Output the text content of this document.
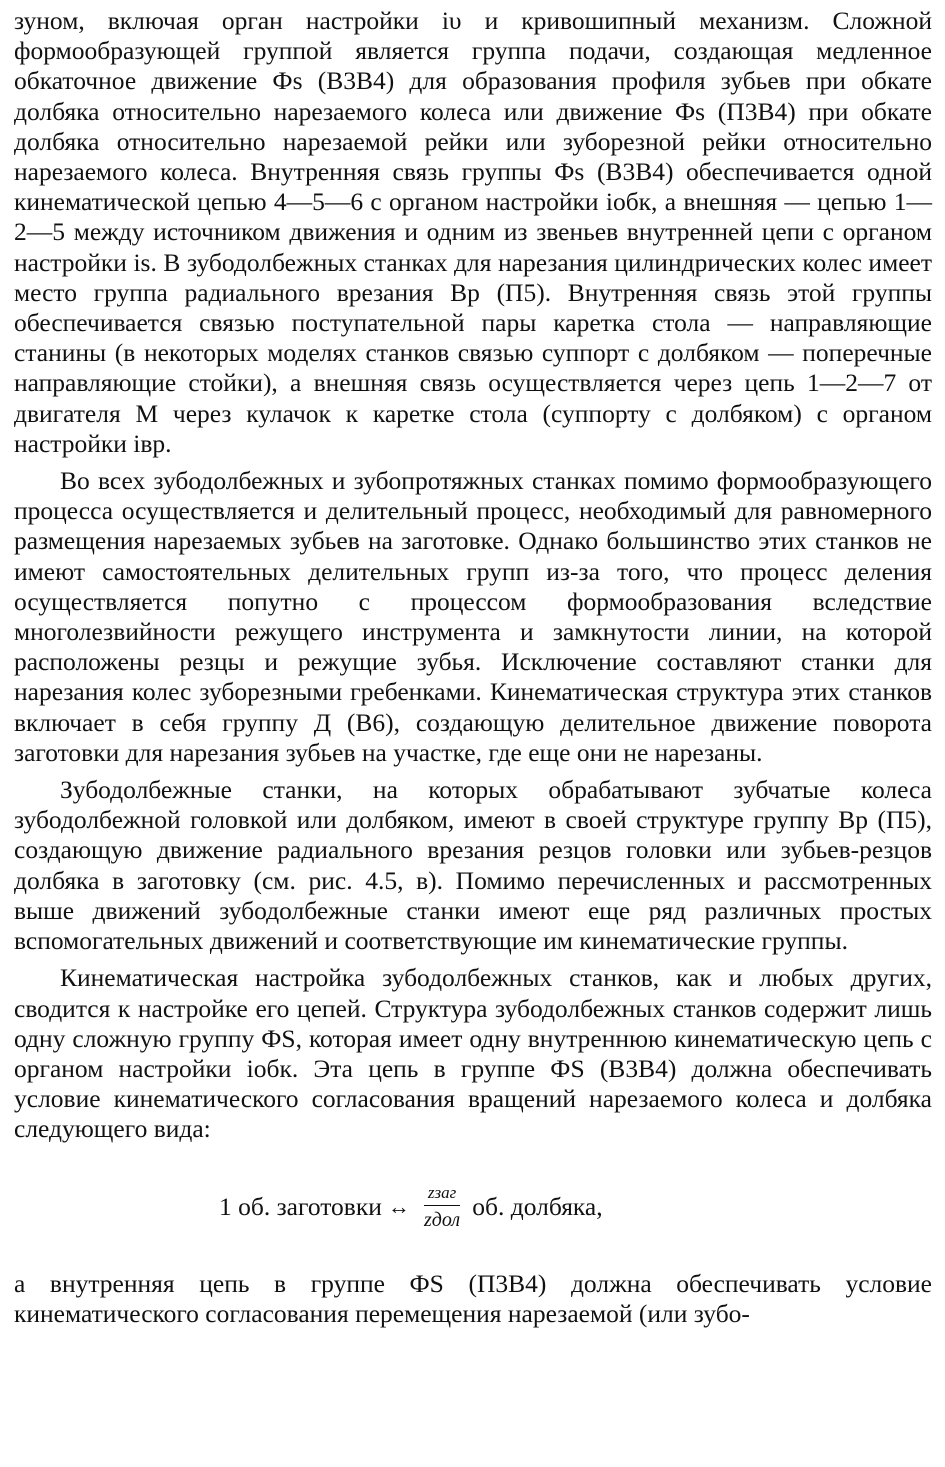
зуном, включая орган настройки iυ и кривошипный механизм. Сложной формообразующей группой является группа подачи, создающая медленное обкаточное движение Фs (В3В4) для образования профиля зубьев при обкате долбяка относительно нарезаемого колеса или движение Фs (П3В4) при обкате долбяка относительно нарезаемой рейки или зуборезной рейки относительно нарезаемого колеса. Внутренняя связь группы Фs (В3В4) обеспечивается одной кинематической цепью 4—5—6 с органом настройки iобк, а внешняя — цепью 1—2—5 между источником движения и одним из звеньев внутренней цепи с органом настройки is. В зубодолбежных станках для нарезания цилиндрических колес имеет место группа радиального врезания Вр (П5). Внутренняя связь этой группы обеспечивается связью поступательной пары каретка стола — направляющие станины (в некоторых моделях станков связью суппорт с долбяком — поперечные направляющие стойки), а внешняя связь осуществляется через цепь 1—2—7 от двигателя М через кулачок к каретке стола (суппорту с долбяком) с органом настройки iвр.

Во всех зубодолбежных и зубопротяжных станках помимо формообразующего процесса осуществляется и делительный процесс, необходимый для равномерного размещения нарезаемых зубьев на заготовке. Однако большинство этих станков не имеют самостоятельных делительных групп из-за того, что процесс деления осуществляется попутно с процессом формообразования вследствие многолезвийности режущего инструмента и замкнутости линии, на которой расположены резцы и режущие зубья. Исключение составляют станки для нарезания колес зуборезными гребенками. Кинематическая структура этих станков включает в себя группу Д (В6), создающую делительное движение поворота заготовки для нарезания зубьев на участке, где еще они не нарезаны.

Зубодолбежные станки, на которых обрабатывают зубчатые колеса зубодолбежной головкой или долбяком, имеют в своей структуре группу Вр (П5), создающую движение радиального врезания резцов головки или зубьев-резцов долбяка в заготовку (см. рис. 4.5, в). Помимо перечисленных и рассмотренных выше движений зубодолбежные станки имеют еще ряд различных простых вспомогательных движений и соответствующие им кинематические группы.

Кинематическая настройка зубодолбежных станков, как и любых других, сводится к настройке его цепей. Структура зубодолбежных станков содержит лишь одну сложную группу ФS, которая имеет одну внутреннюю кинематическую цепь с органом настройки iобк. Эта цепь в группе ФS (В3В4) должна обеспечивать условие кинематического согласования вращений нарезаемого колеса и долбяка следующего вида:

1 об. заготовки ↔ $\frac{\text{zзаг}}{\text{zдол}}$ об. долбяка,

а внутренняя цепь в группе ФS (П3В4) должна обеспечивать условие кинематического согласования перемещения нарезаемой (или зубо-
